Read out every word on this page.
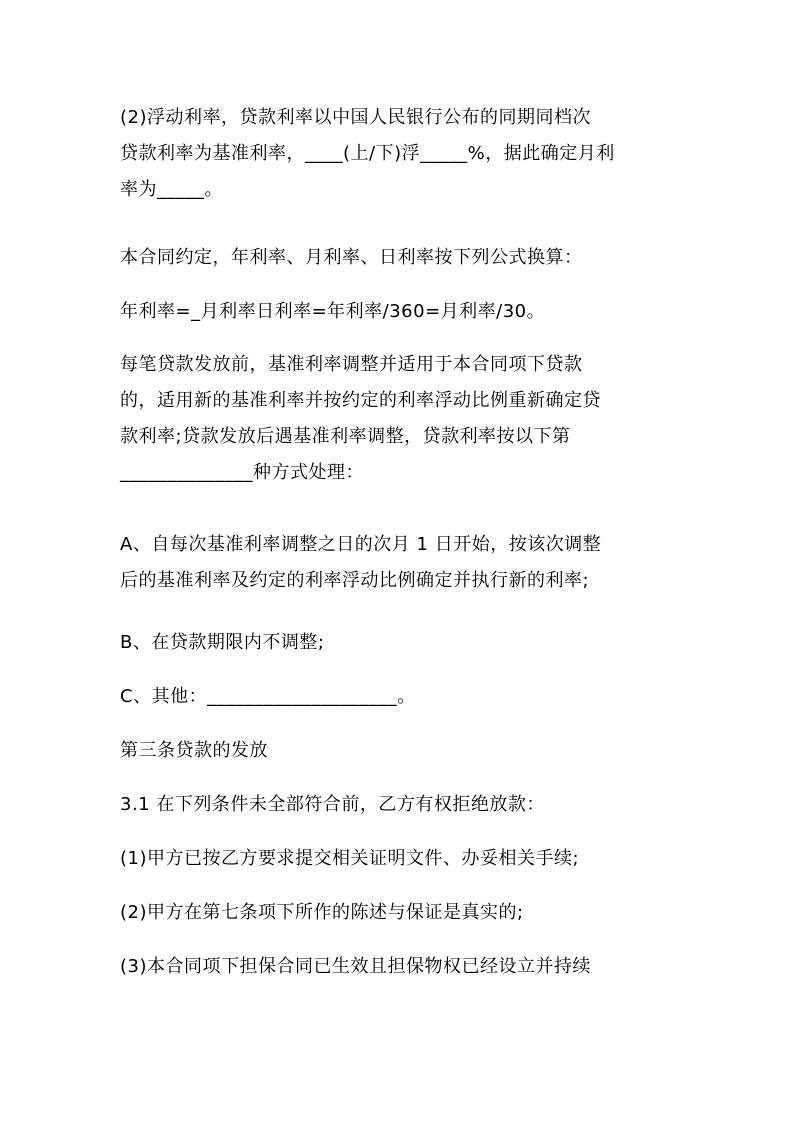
(2)浮动利率，贷款利率以中国人民银行公布的同期同档次
贷款利率为基准利率，____(上/下)浮_____%，据此确定月利
率为_____。
本合同约定，年利率、月利率、日利率按下列公式换算：
年利率=_月利率日利率=年利率/360=月利率/30。
每笔贷款发放前，基准利率调整并适用于本合同项下贷款
的，适用新的基准利率并按约定的利率浮动比例重新确定贷
款利率;贷款发放后遇基准利率调整，贷款利率按以下第
______________种方式处理：
A、自每次基准利率调整之日的次月 1 日开始，按该次调整
后的基准利率及约定的利率浮动比例确定并执行新的利率;
B、在贷款期限内不调整;
C、其他：____________________。
第三条贷款的发放
3.1 在下列条件未全部符合前，乙方有权拒绝放款：
(1)甲方已按乙方要求提交相关证明文件、办妥相关手续;
(2)甲方在第七条项下所作的陈述与保证是真实的;
(3)本合同项下担保合同已生效且担保物权已经设立并持续
